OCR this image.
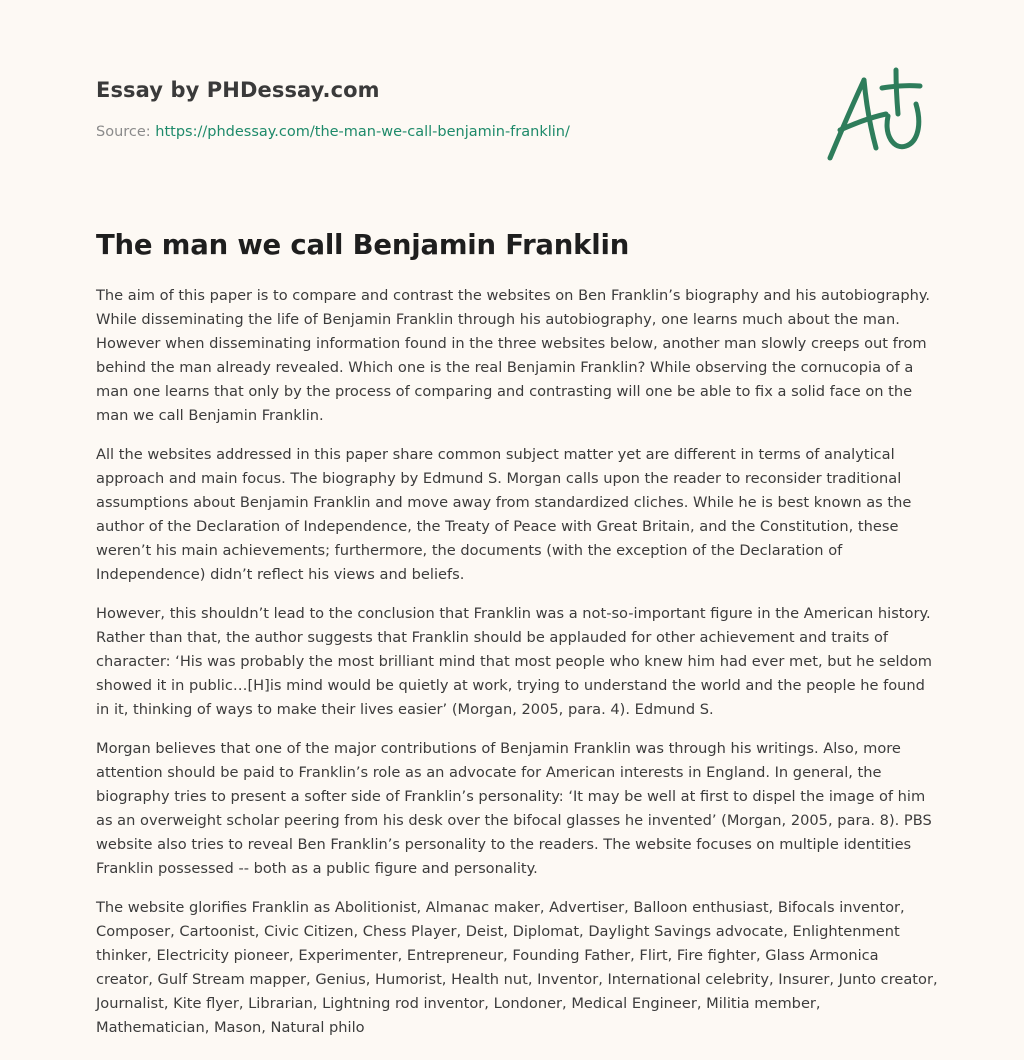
Essay by PHDessay.com
Source: https://phdessay.com/the-man-we-call-benjamin-franklin/
The man we call Benjamin Franklin

The aim of this paper is to compare and contrast the websites on Ben Franklin’s biography and his autobiography. While disseminating the life of Benjamin Franklin through his autobiography, one learns much about the man. However when disseminating information found in the three websites below, another man slowly creeps out from behind the man already revealed. Which one is the real Benjamin Franklin? While observing the cornucopia of a man one learns that only by the process of comparing and contrasting will one be able to fix a solid face on the man we call Benjamin Franklin.

All the websites addressed in this paper share common subject matter yet are different in terms of analytical approach and main focus. The biography by Edmund S. Morgan calls upon the reader to reconsider traditional assumptions about Benjamin Franklin and move away from standardized cliches. While he is best known as the author of the Declaration of Independence, the Treaty of Peace with Great Britain, and the Constitution, these weren’t his main achievements; furthermore, the documents (with the exception of the Declaration of Independence) didn’t reflect his views and beliefs.

However, this shouldn’t lead to the conclusion that Franklin was a not-so-important figure in the American history. Rather than that, the author suggests that Franklin should be applauded for other achievement and traits of character: ‘His was probably the most brilliant mind that most people who knew him had ever met, but he seldom showed it in public…[H]is mind would be quietly at work, trying to understand the world and the people he found in it, thinking of ways to make their lives easier’ (Morgan, 2005, para. 4). Edmund S.

Morgan believes that one of the major contributions of Benjamin Franklin was through his writings. Also, more attention should be paid to Franklin’s role as an advocate for American interests in England. In general, the biography tries to present a softer side of Franklin’s personality: ‘It may be well at first to dispel the image of him as an overweight scholar peering from his desk over the bifocal glasses he invented’ (Morgan, 2005, para. 8). PBS website also tries to reveal Ben Franklin’s personality to the readers. The website focuses on multiple identities Franklin possessed -- both as a public figure and personality.

The website glorifies Franklin as Abolitionist, Almanac maker, Advertiser, Balloon enthusiast, Bifocals inventor, Composer, Cartoonist, Civic Citizen, Chess Player, Deist, Diplomat, Daylight Savings advocate, Enlightenment thinker, Electricity pioneer, Experimenter, Entrepreneur, Founding Father, Flirt, Fire fighter, Glass Armonica creator, Gulf Stream mapper, Genius, Humorist, Health nut, Inventor, International celebrity, Insurer, Junto creator, Journalist, Kite flyer, Librarian, Lightning rod inventor, Londoner, Medical Engineer, Militia member, Mathematician, Mason, Natural philo
